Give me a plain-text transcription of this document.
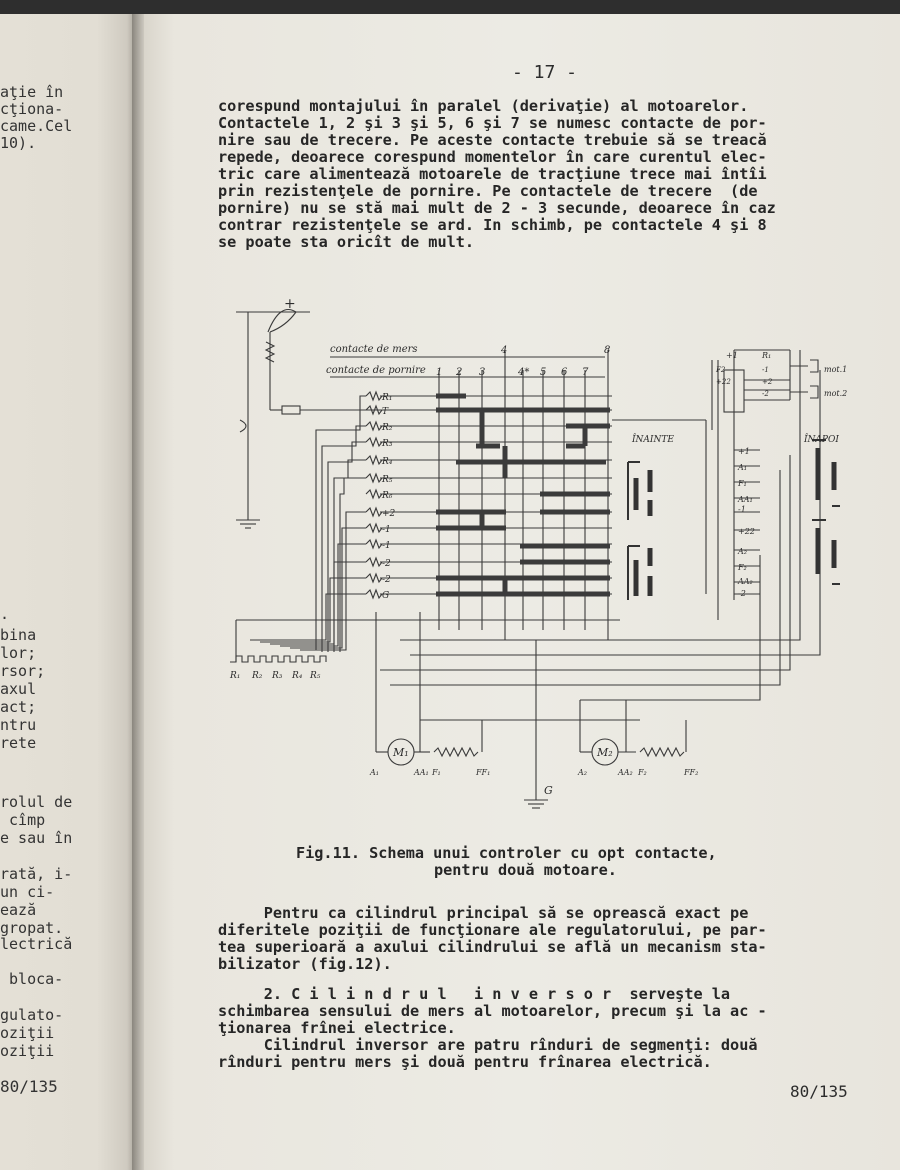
aţie în
cţiona-
came.Cel
10).
.
bina
lor;
rsor;
axul
act;
ntru
rete
rolul de
cîmp
e sau în
rată, i-
un ci-
ează
gropat.
lectrică
bloca-
gulato-
oziţii
oziţii
80/135
- 17 -
corespund montajului în paralel (derivaţie) al motoarelor.
Contactele 1, 2 şi 3 şi 5, 6 şi 7 se numesc contacte de por-
nire sau de trecere. Pe aceste contacte trebuie să se treacă
repede, deoarece corespund momentelor în care curentul elec-
tric care alimentează motoarele de tracţiune trece mai întîi
prin rezistenţele de pornire. Pe contactele de trecere  (de
pornire) nu se stă mai mult de 2 - 3 secunde, deoarece în caz
contrar rezistenţele se ard. In schimb, pe contactele 4 şi 8
se poate sta oricît de mult.
contacte de mers
contacte de pornire
4	8
1 2 3	4* 5 6 7
R₁
T
R₂
R₃
R₄
R₅
R₆
+2
-1
-1
-2
-2
G
R₁ R₂ R₃ R₄ R₅
+
ÎNAINTE	ÎNAPOI
+1
A₁
F₁
AA₁
-1
+22
A₂
F₂
AA₂
-2
+1	R₁
F2	-1
+22	+2
-2
mot.1
mot.2
M₁	M₂
A₁	AA₁ F₁	FF₁	A₂	AA₂ F₂	FF₂
G
Fig.11. Schema unui controler cu opt contacte,
pentru două motoare.
Pentru ca cilindrul principal să se oprească exact pe
diferitele poziţii de funcţionare ale regulatorului, pe par-
tea superioară a axului cilindrului se află un mecanism sta-
bilizator (fig.12).
2. C i l i n d r u l   i n v e r s o r  serveşte la
schimbarea sensului de mers al motoarelor, precum şi la ac -
ţionarea frînei electrice.
Cilindrul inversor are patru rînduri de segmenţi: două
rînduri pentru mers şi două pentru frînarea electrică.
80/135
